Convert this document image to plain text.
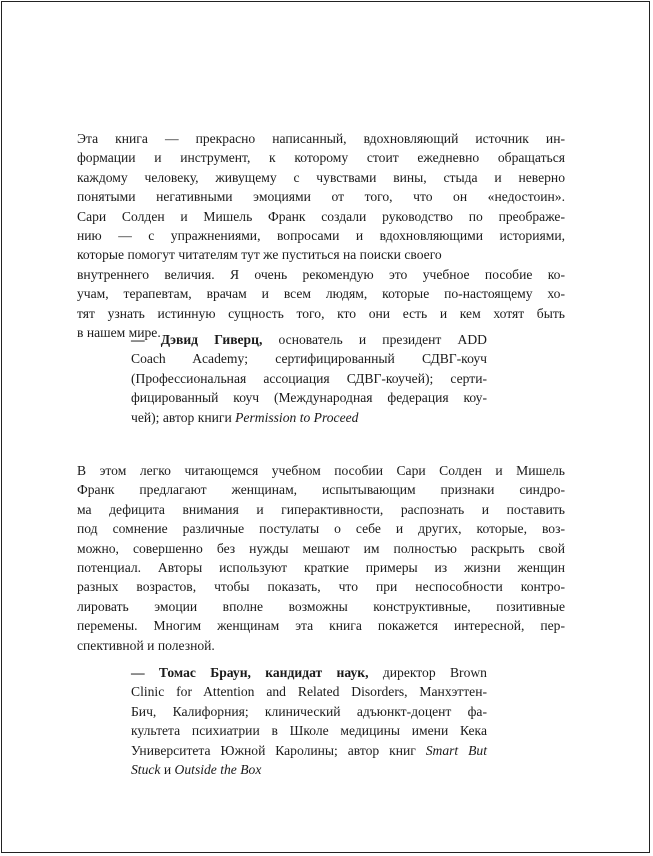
Эта книга — прекрасно написанный, вдохновляющий источник ин-
формации и инструмент, к которому стоит ежедневно обращаться
каждому человеку, живущему с чувствами вины, стыда и неверно
понятыми негативными эмоциями от того, что он «недостоин».
Сари Солден и Мишель Франк создали руководство по преображе-
нию — с упражнениями, вопросами и вдохновляющими историями,
которые помогут читателям тут же пуститься на поиски своего
внутреннего величия. Я очень рекомендую это учебное пособие ко-
учам, терапевтам, врачам и всем людям, которые по-настоящему хо-
тят узнать истинную сущность того, кто они есть и кем хотят быть
в нашем мире.
— Дэвид Гиверц, основатель и президент ADD
Coach Academy; сертифицированный СДВГ-коуч
(Профессиональная ассоциация СДВГ-коучей); серти-
фицированный коуч (Международная федерация коу-
чей); автор книги Permission to Proceed
В этом легко читающемся учебном пособии Сари Солден и Мишель
Франк предлагают женщинам, испытывающим признаки синдро-
ма дефицита внимания и гиперактивности, распознать и поставить
под сомнение различные постулаты о себе и других, которые, воз-
можно, совершенно без нужды мешают им полностью раскрыть свой
потенциал. Авторы используют краткие примеры из жизни женщин
разных возрастов, чтобы показать, что при неспособности контро-
лировать эмоции вполне возможны конструктивные, позитивные
перемены. Многим женщинам эта книга покажется интересной, пер-
спективной и полезной.
— Томас Браун, кандидат наук, директор Brown
Clinic for Attention and Related Disorders, Манхэттен-
Бич, Калифорния; клинический адъюнкт-доцент фа-
культета психиатрии в Школе медицины имени Кека
Университета Южной Каролины; автор книг Smart But
Stuck и Outside the Box
